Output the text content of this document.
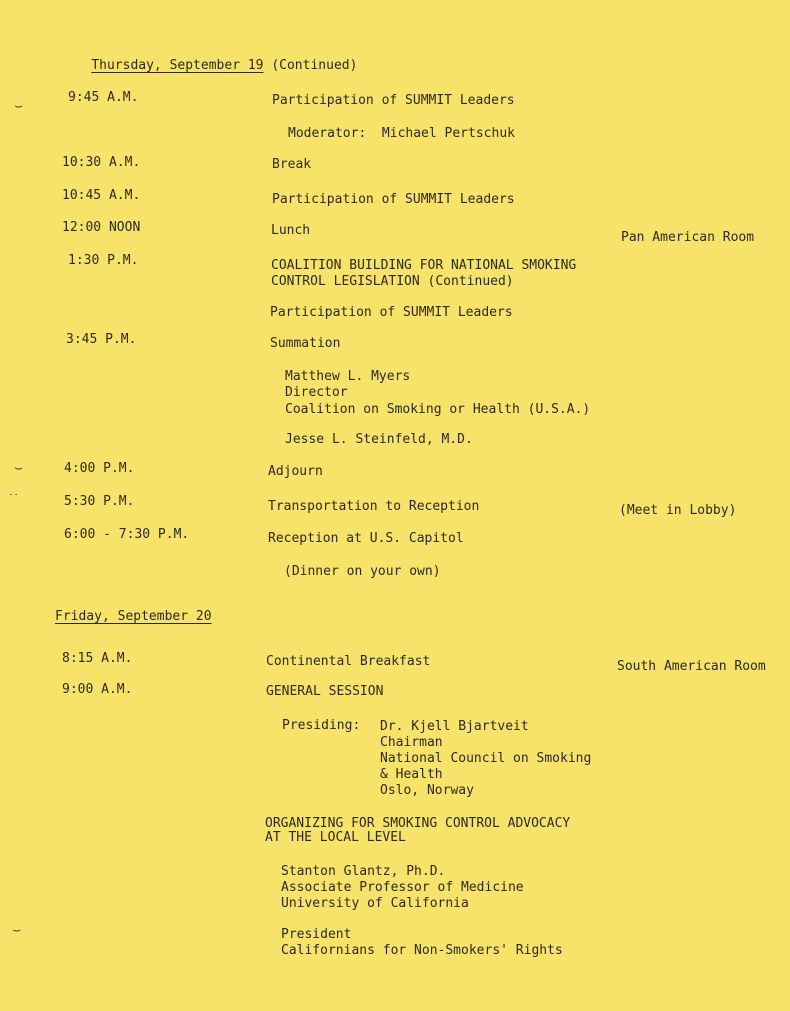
⌣
⌣
˙˙
⌣

Thursday, September 19 (Continued)

9:45 A.M.	Participation of SUMMIT Leaders
Moderator:  Michael Pertschuk
10:30 A.M.	Break
10:45 A.M.	Participation of SUMMIT Leaders
12:00 NOON	Lunch	Pan American Room
1:30 P.M.	COALITION BUILDING FOR NATIONAL SMOKING
CONTROL LEGISLATION (Continued)
Participation of SUMMIT Leaders
3:45 P.M.	Summation
Matthew L. Myers
Director
Coalition on Smoking or Health (U.S.A.)
Jesse L. Steinfeld, M.D.
4:00 P.M.	Adjourn
5:30 P.M.	Transportation to Reception	(Meet in Lobby)
6:00 - 7:30 P.M.	Reception at U.S. Capitol
(Dinner on your own)
Friday, September 20
8:15 A.M.	Continental Breakfast	South American Room
9:00 A.M.	GENERAL SESSION
Presiding: Dr. Kjell Bjartveit
Chairman
National Council on Smoking
& Health
Oslo, Norway
ORGANIZING FOR SMOKING CONTROL ADVOCACY
AT THE LOCAL LEVEL
Stanton Glantz, Ph.D.
Associate Professor of Medicine
University of California
President
Californians for Non-Smokers' Rights
